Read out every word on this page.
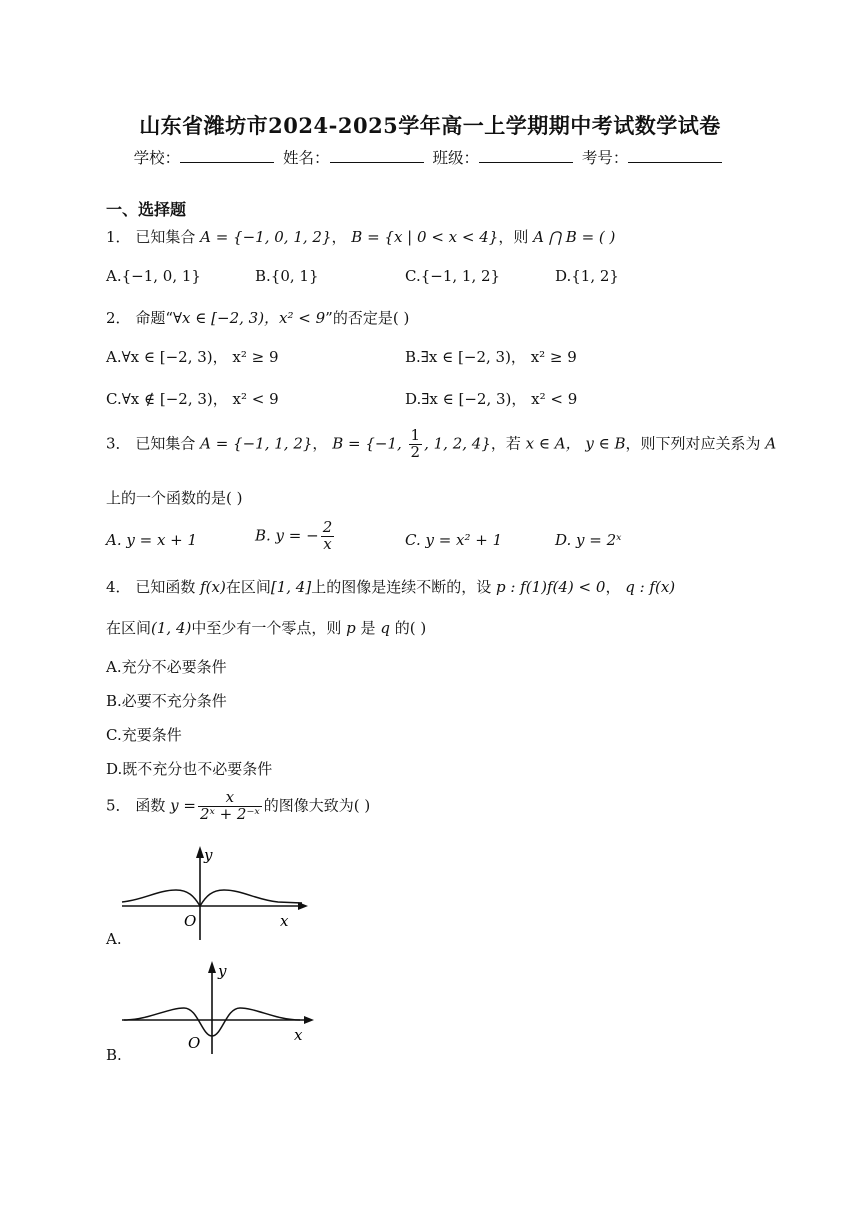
山东省潍坊市2024-2025学年高一上学期期中考试数学试卷
学校：	姓名：	班级：	考号：
一、选择题
1． 已知集合 A = {−1, 0, 1, 2}， B = {x | 0 < x < 4}，则 A ⋂ B = ( )
A.{−1, 0, 1}	B.{0, 1}	C.{−1, 1, 2}	D.{1, 2}
2． 命题“∀x ∈ [−2, 3)，x² < 9”的否定是( )
A.∀x ∈ [−2, 3)， x² ≥ 9	B.∃x ∈ [−2, 3)， x² ≥ 9
C.∀x ∉ [−2, 3)， x² < 9	D.∃x ∈ [−2, 3)， x² < 9
3． 已知集合 A = {−1, 1, 2}， B = {−1, $\frac{1}{2}$ , 1, 2, 4}，若 x ∈ A， y ∈ B，则下列对应关系为 A
上的一个函数的是( )
A. y = x + 1	B. y = − $\frac{2}{x}$	C. y = x² + 1	D. y = 2ˣ
4． 已知函数 f(x)在区间[1, 4]上的图像是连续不断的，设 p : f(1)f(4) < 0， q : f(x)
在区间(1, 4)中至少有一个零点，则 p 是 q 的( )
A.充分不必要条件
B.必要不充分条件
C.充要条件
D.既不充分也不必要条件
5． 函数 $y = \frac{x}{\text{2ˣ + 2⁻ˣ}}$ 的图像大致为( )
y
x
O
A.
y
x
O
B.
